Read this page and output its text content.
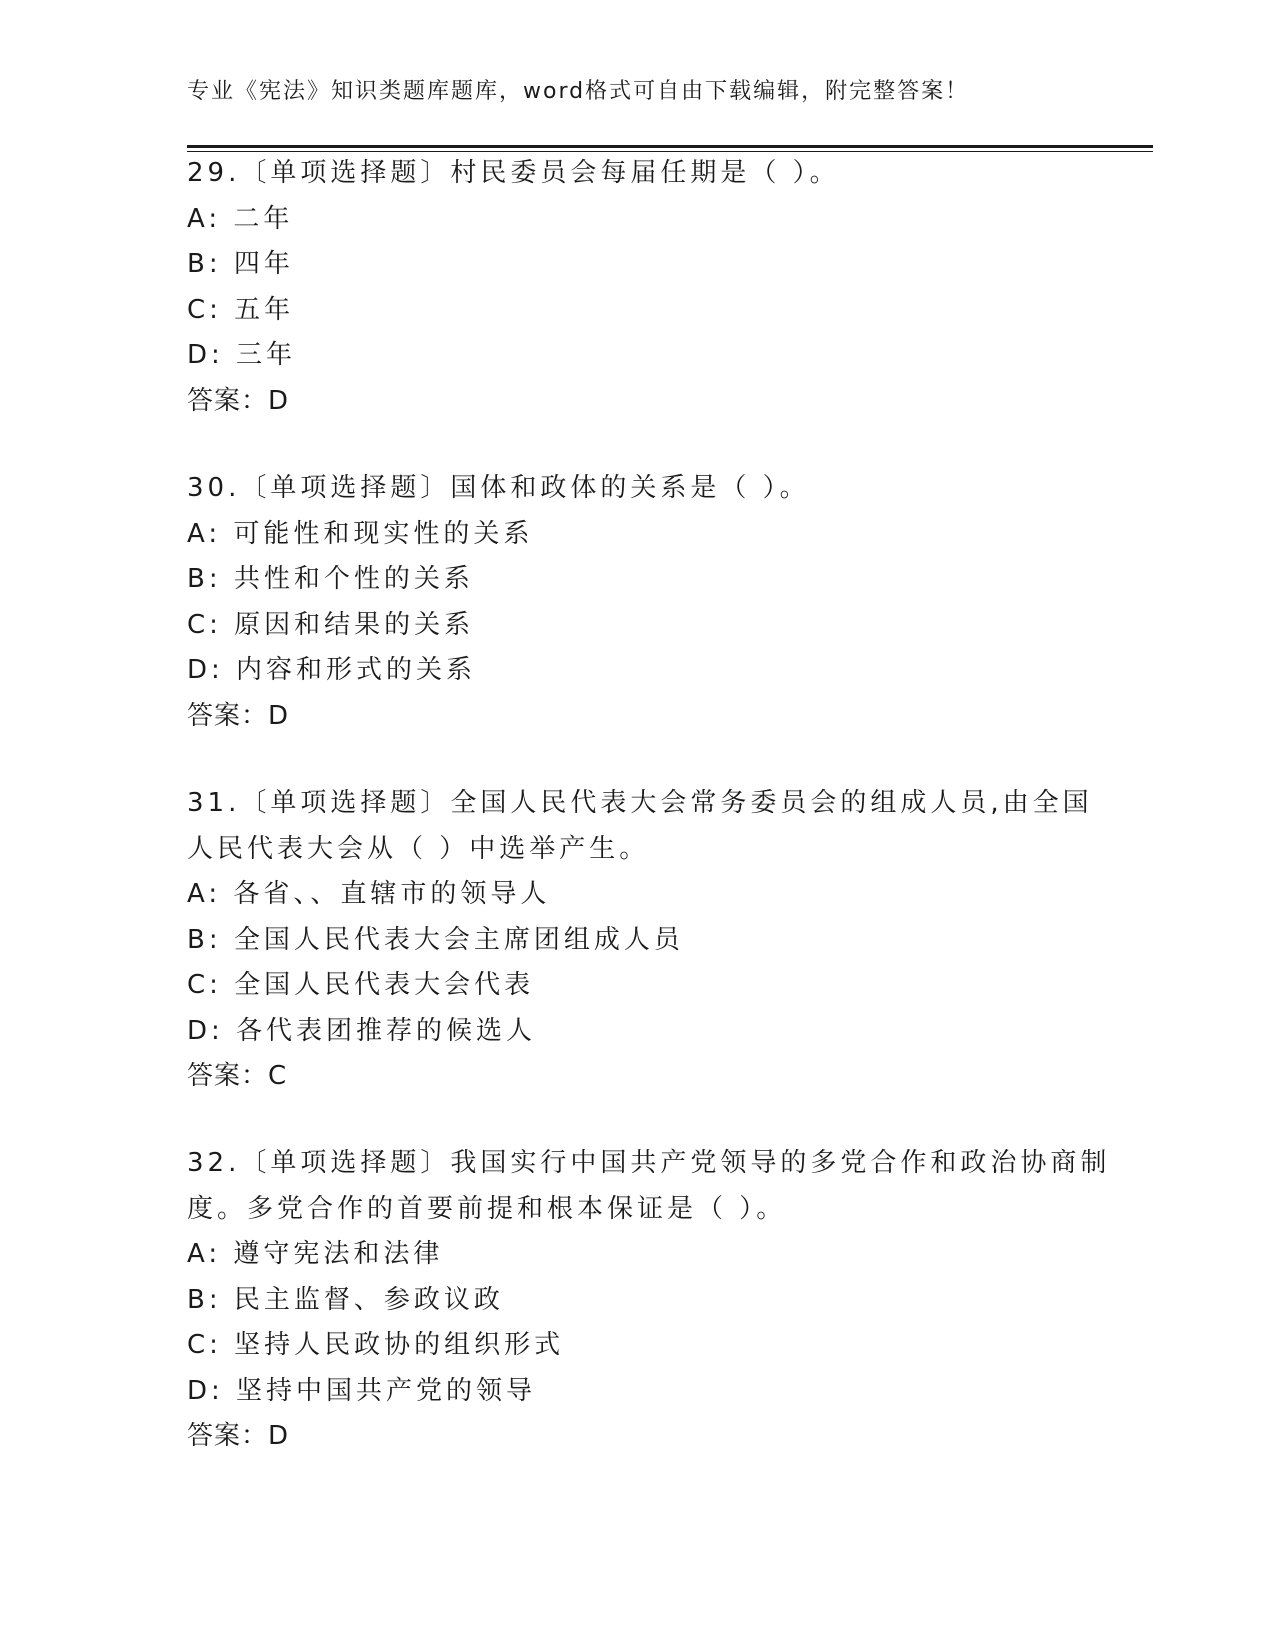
专业《宪法》知识类题库题库，word格式可自由下载编辑，附完整答案！
29.〔单项选择题〕村民委员会每届任期是（ ）。
A: 二年
B: 四年
C: 五年
D: 三年
答案：D
30.〔单项选择题〕国体和政体的关系是（ ）。
A: 可能性和现实性的关系
B: 共性和个性的关系
C: 原因和结果的关系
D: 内容和形式的关系
答案：D
31.〔单项选择题〕全国人民代表大会常务委员会的组成人员,由全国
人民代表大会从（ ）中选举产生。
A: 各省、、直辖市的领导人
B: 全国人民代表大会主席团组成人员
C: 全国人民代表大会代表
D: 各代表团推荐的候选人
答案：C
32.〔单项选择题〕我国实行中国共产党领导的多党合作和政治协商制
度。多党合作的首要前提和根本保证是（ ）。
A: 遵守宪法和法律
B: 民主监督、参政议政
C: 坚持人民政协的组织形式
D: 坚持中国共产党的领导
答案：D
